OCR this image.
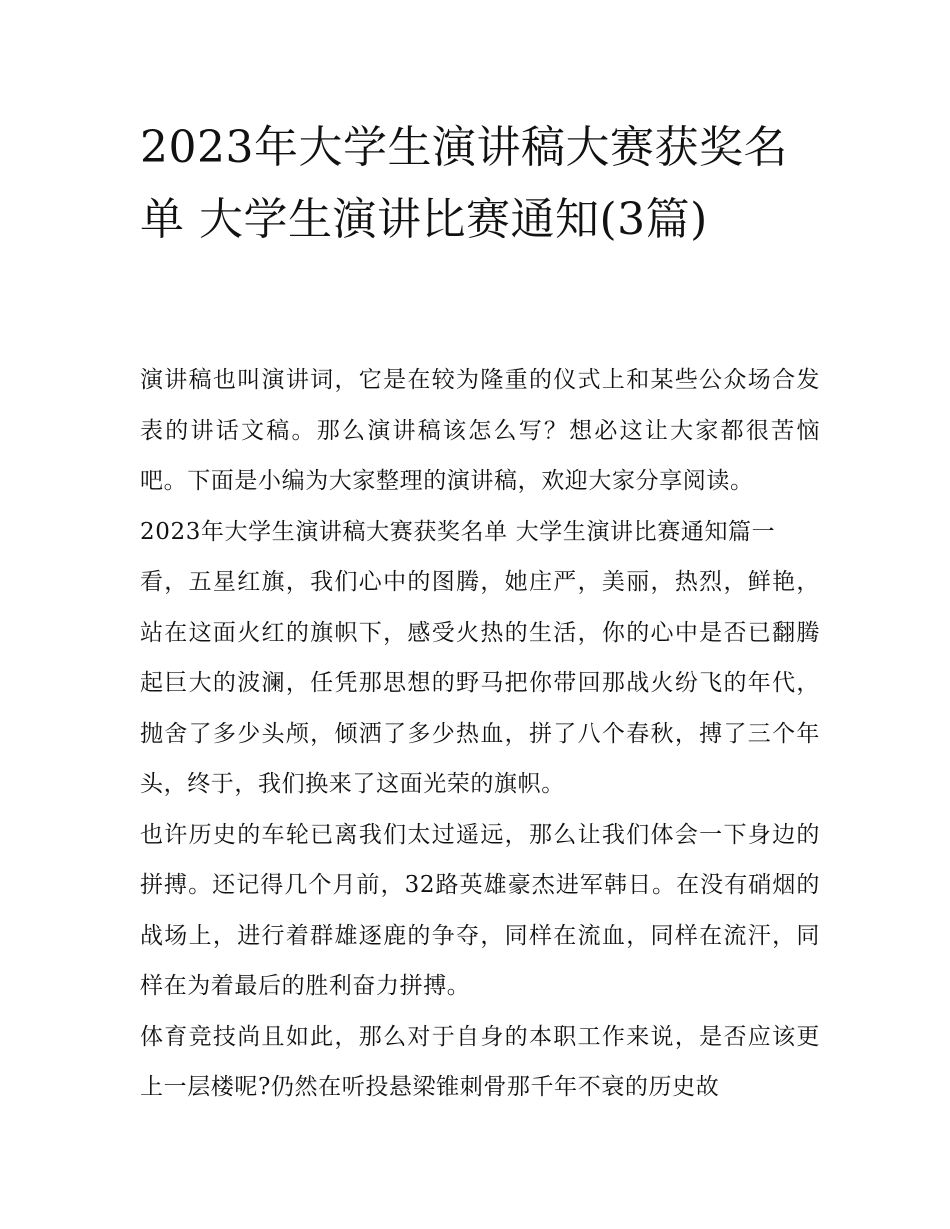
2023年大学生演讲稿大赛获奖名单 大学生演讲比赛通知(3篇)

演讲稿也叫演讲词，它是在较为隆重的仪式上和某些公众场合发表的讲话文稿。那么演讲稿该怎么写？想必这让大家都很苦恼吧。下面是小编为大家整理的演讲稿，欢迎大家分享阅读。

2023年大学生演讲稿大赛获奖名单 大学生演讲比赛通知篇一

看，五星红旗，我们心中的图腾，她庄严，美丽，热烈，鲜艳，站在这面火红的旗帜下，感受火热的生活，你的心中是否已翻腾起巨大的波澜，任凭那思想的野马把你带回那战火纷飞的年代，抛舍了多少头颅，倾洒了多少热血，拼了八个春秋，搏了三个年头，终于，我们换来了这面光荣的旗帜。

也许历史的车轮已离我们太过遥远，那么让我们体会一下身边的拼搏。还记得几个月前，32路英雄豪杰进军韩日。在没有硝烟的战场上，进行着群雄逐鹿的争夺，同样在流血，同样在流汗，同样在为着最后的胜利奋力拼搏。

体育竞技尚且如此，那么对于自身的本职工作来说，是否应该更上一层楼呢?仍然在听投悬梁锥刺骨那千年不衰的历史故
